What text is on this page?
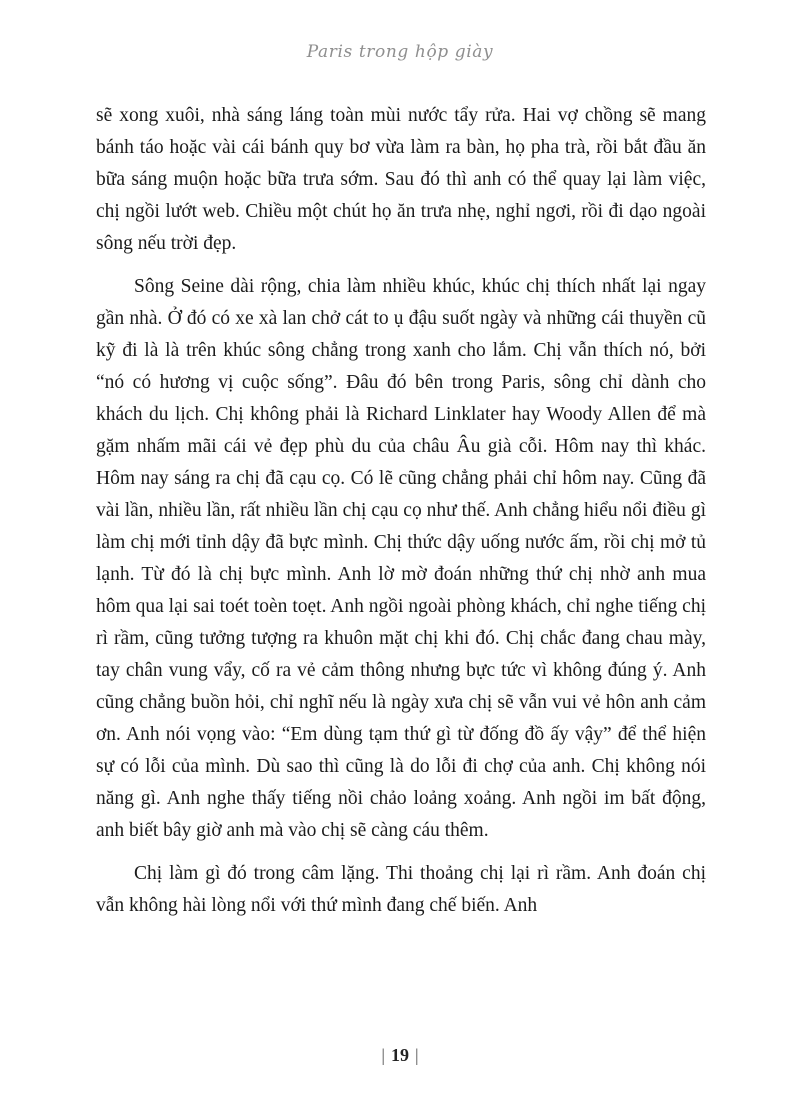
Paris trong hộp giày

sẽ xong xuôi, nhà sáng láng toàn mùi nước tẩy rửa. Hai vợ chồng sẽ mang bánh táo hoặc vài cái bánh quy bơ vừa làm ra bàn, họ pha trà, rồi bắt đầu ăn bữa sáng muộn hoặc bữa trưa sớm. Sau đó thì anh có thể quay lại làm việc, chị ngồi lướt web. Chiều một chút họ ăn trưa nhẹ, nghỉ ngơi, rồi đi dạo ngoài sông nếu trời đẹp.

Sông Seine dài rộng, chia làm nhiều khúc, khúc chị thích nhất lại ngay gần nhà. Ở đó có xe xà lan chở cát to ụ đậu suốt ngày và những cái thuyền cũ kỹ đi là là trên khúc sông chẳng trong xanh cho lắm. Chị vẫn thích nó, bởi “nó có hương vị cuộc sống”. Đâu đó bên trong Paris, sông chỉ dành cho khách du lịch. Chị không phải là Richard Linklater hay Woody Allen để mà gặm nhấm mãi cái vẻ đẹp phù du của châu Âu già cỗi. Hôm nay thì khác. Hôm nay sáng ra chị đã cạu cọ. Có lẽ cũng chẳng phải chỉ hôm nay. Cũng đã vài lần, nhiều lần, rất nhiều lần chị cạu cọ như thế. Anh chẳng hiểu nổi điều gì làm chị mới tỉnh dậy đã bực mình. Chị thức dậy uống nước ấm, rồi chị mở tủ lạnh. Từ đó là chị bực mình. Anh lờ mờ đoán những thứ chị nhờ anh mua hôm qua lại sai toét toèn toẹt. Anh ngồi ngoài phòng khách, chỉ nghe tiếng chị rì rầm, cũng tưởng tượng ra khuôn mặt chị khi đó. Chị chắc đang chau mày, tay chân vung vẩy, cố ra vẻ cảm thông nhưng bực tức vì không đúng ý. Anh cũng chẳng buồn hỏi, chỉ nghĩ nếu là ngày xưa chị sẽ vẫn vui vẻ hôn anh cảm ơn. Anh nói vọng vào: “Em dùng tạm thứ gì từ đống đồ ấy vậy” để thể hiện sự có lỗi của mình. Dù sao thì cũng là do lỗi đi chợ của anh. Chị không nói năng gì. Anh nghe thấy tiếng nồi chảo loảng xoảng. Anh ngồi im bất động, anh biết bây giờ anh mà vào chị sẽ càng cáu thêm.

Chị làm gì đó trong câm lặng. Thi thoảng chị lại rì rầm. Anh đoán chị vẫn không hài lòng nổi với thứ mình đang chế biến. Anh

| 19 |
